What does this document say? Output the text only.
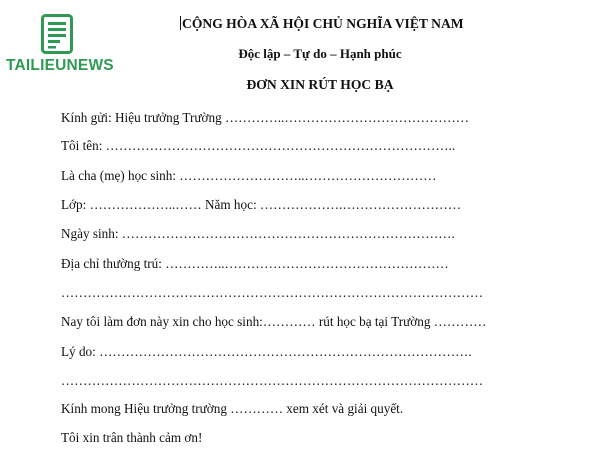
TAILIEUNEWS
CỘNG HÒA XÃ HỘI CHỦ NGHĨA VIỆT NAM
Độc lập – Tự do – Hạnh phúc
ĐƠN XIN RÚT HỌC BẠ
Kính gửi: Hiệu trưởng Trường …………..……………………………………
Tôi tên: ……………………………………………………………………..
Là cha (mẹ) học sinh: ………………………..…………………………
Lớp: ………………..…… Năm học: ……………….………………………
Ngày sinh: ………………………………………………………………….
Địa chỉ thường trú: …………..……………………………………………
……………………………………………………………………………………
Nay tôi làm đơn này xin cho học sinh:………… rút học bạ tại Trường …………
Lý do: ………………………………………………………………………….
……………………………………………………………………………………
Kính mong Hiệu trưởng trường ………… xem xét và giải quyết.
Tôi xin trân thành cảm ơn!
